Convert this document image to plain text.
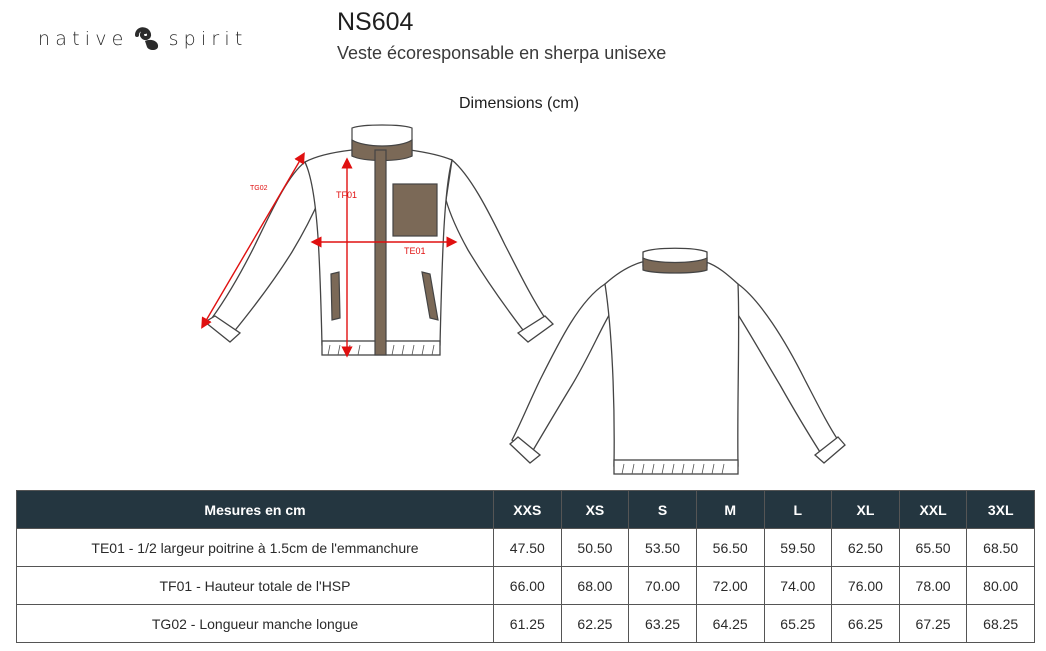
native spirit
NS604
Veste écoresponsable en sherpa unisexe
Dimensions (cm)
TF01
TE01
TG02
Mesures en cm	XXS	XS	S	M	L	XL	XXL	3XL
TE01 - 1/2 largeur poitrine à 1.5cm de l'emmanchure	47.50	50.50	53.50	56.50	59.50	62.50	65.50	68.50
TF01 - Hauteur totale de l'HSP	66.00	68.00	70.00	72.00	74.00	76.00	78.00	80.00
TG02 - Longueur manche longue	61.25	62.25	63.25	64.25	65.25	66.25	67.25	68.25
